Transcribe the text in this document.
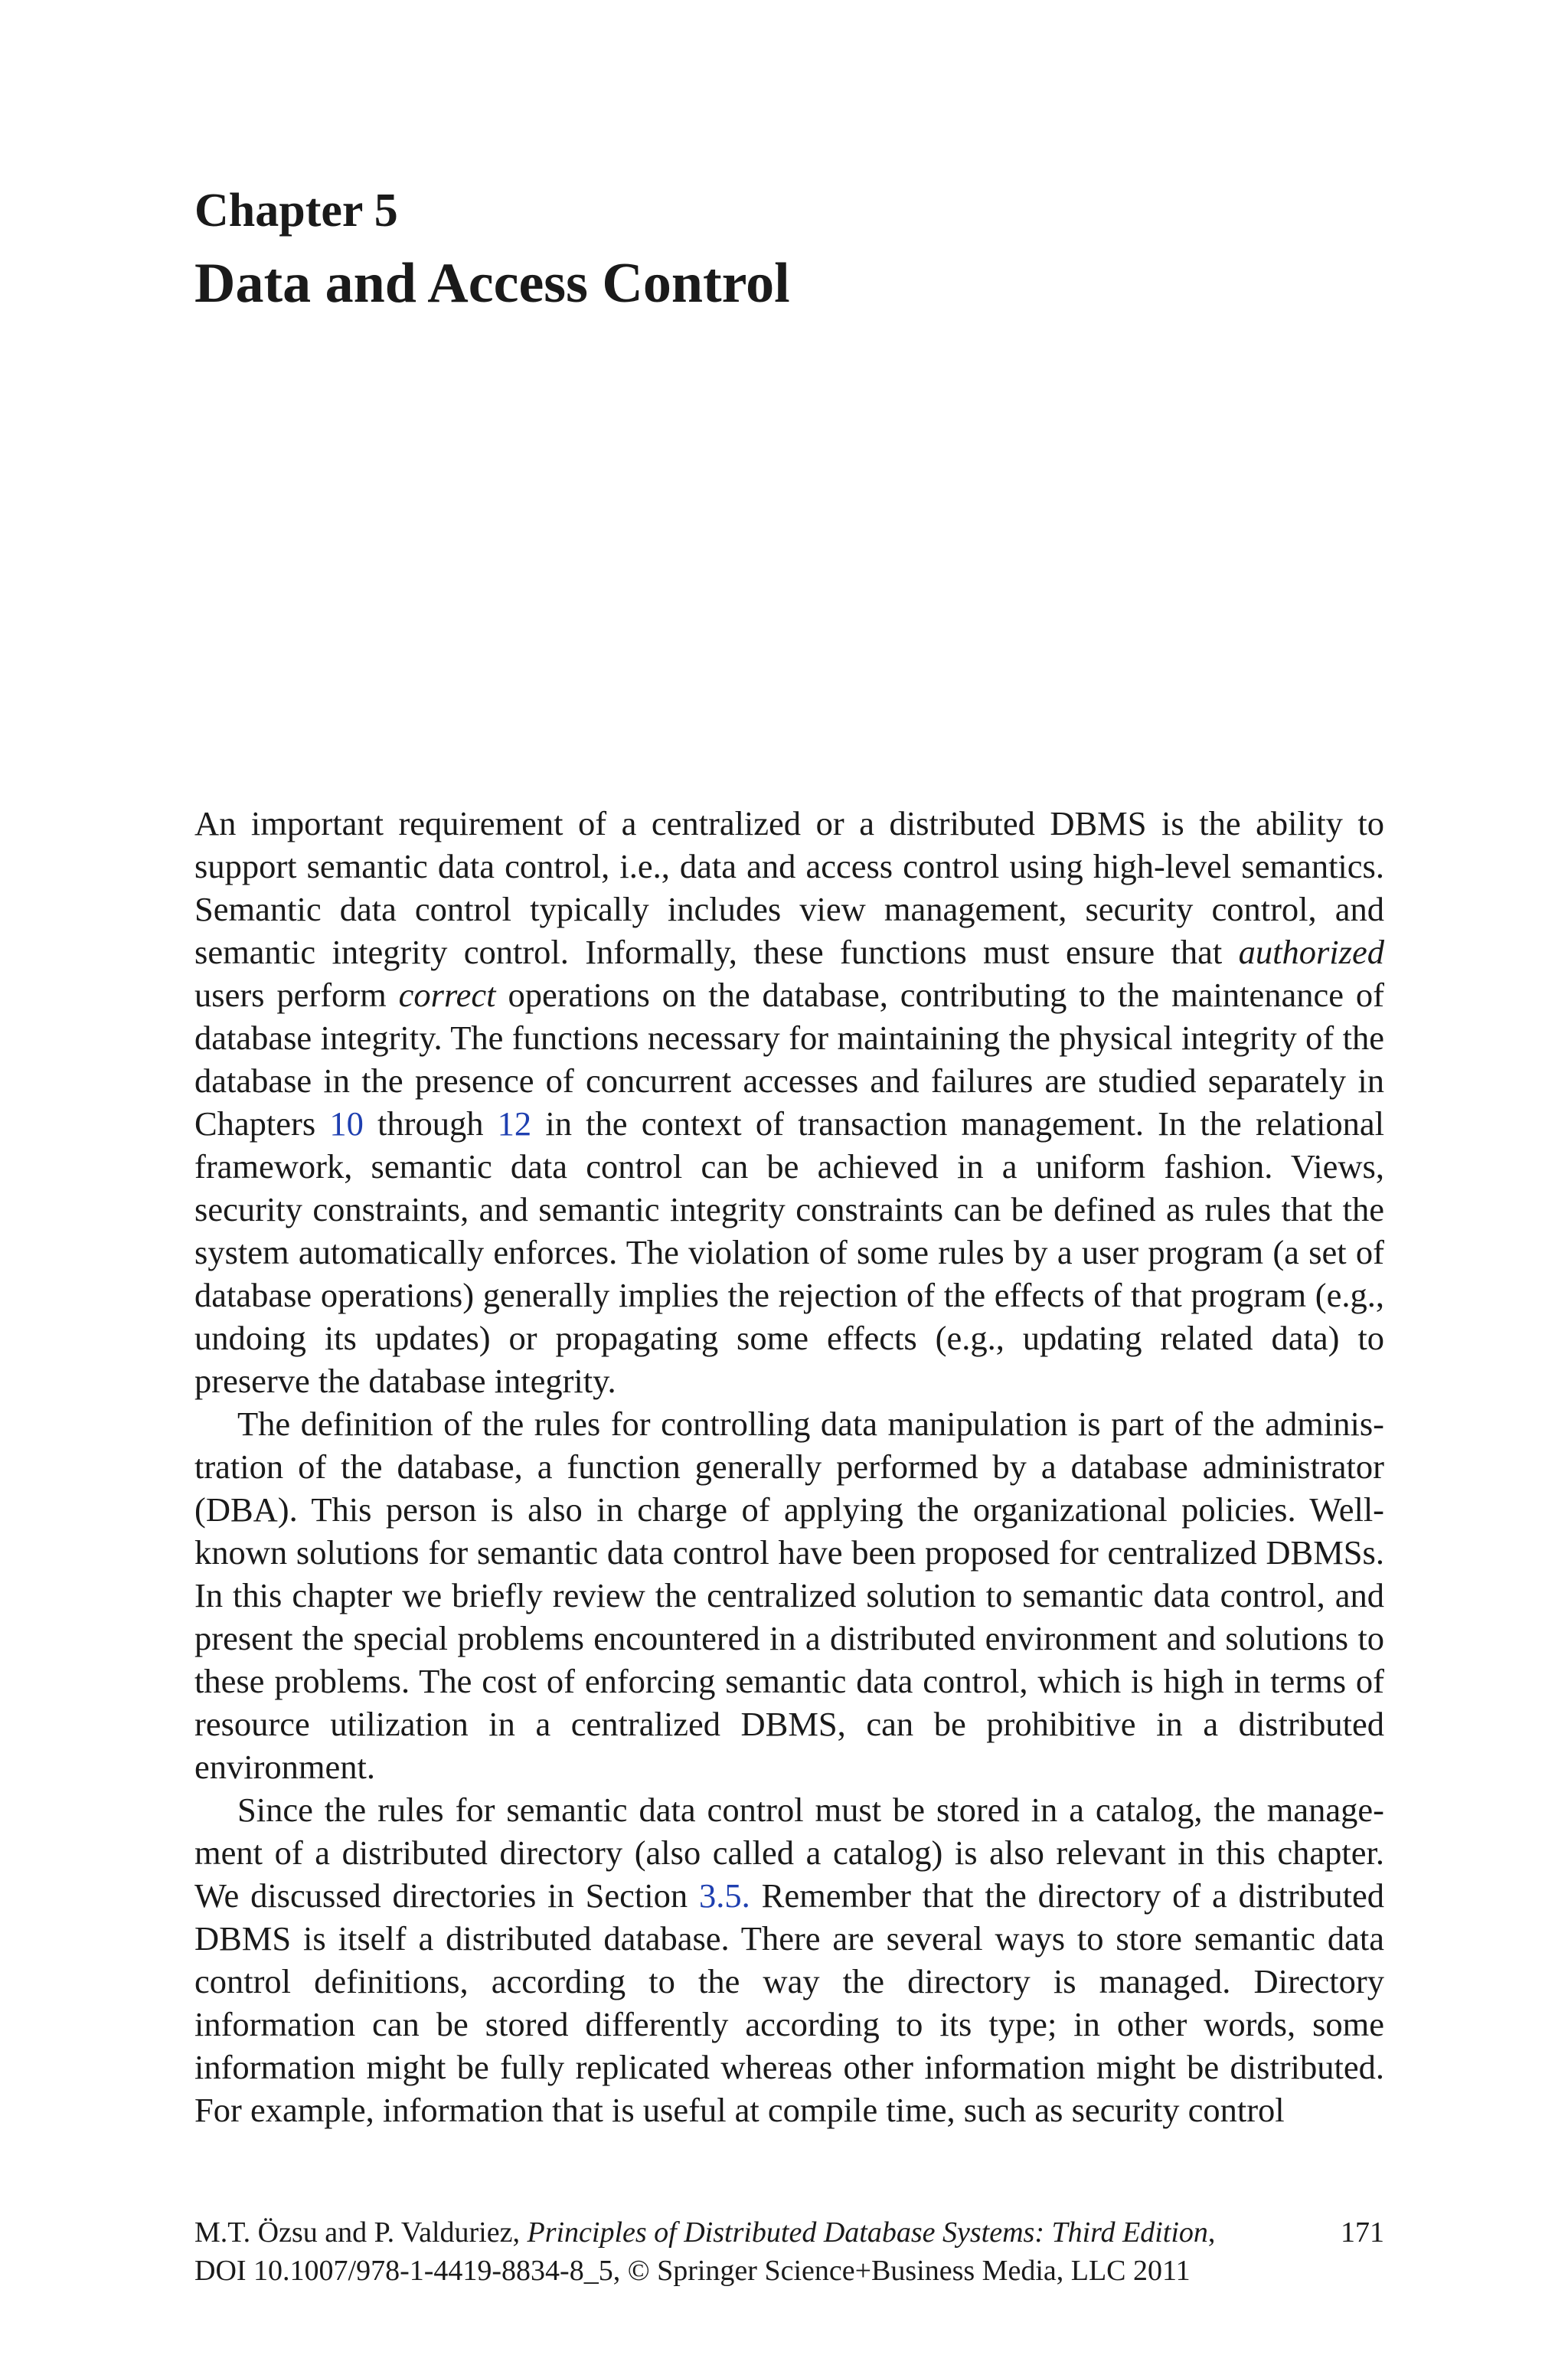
Chapter 5
Data and Access Control

An important requirement of a centralized or a distributed DBMS is the ability to support semantic data control, i.e., data and access control using high-level semantics. Semantic data control typically includes view management, security control, and semantic integrity control. Informally, these functions must ensure that authorized users perform correct operations on the database, contributing to the maintenance of database integrity. The functions necessary for maintaining the physical integrity of the database in the presence of concurrent accesses and failures are studied separately in Chapters 10 through 12 in the context of transaction management. In the relational framework, semantic data control can be achieved in a uniform fashion. Views, security constraints, and semantic integrity constraints can be defined as rules that the system automatically enforces. The violation of some rules by a user program (a set of database operations) generally implies the rejection of the effects of that program (e.g., undoing its updates) or propagating some effects (e.g., updating related data) to preserve the database integrity.

The definition of the rules for controlling data manipulation is part of the administration of the database, a function generally performed by a database administrator (DBA). This person is also in charge of applying the organizational policies. Well-known solutions for semantic data control have been proposed for centralized DBMSs. In this chapter we briefly review the centralized solution to semantic data control, and present the special problems encountered in a distributed environment and solutions to these problems. The cost of enforcing semantic data control, which is high in terms of resource utilization in a centralized DBMS, can be prohibitive in a distributed environment.

Since the rules for semantic data control must be stored in a catalog, the management of a distributed directory (also called a catalog) is also relevant in this chapter. We discussed directories in Section 3.5. Remember that the directory of a distributed DBMS is itself a distributed database. There are several ways to store semantic data control definitions, according to the way the directory is managed. Directory information can be stored differently according to its type; in other words, some information might be fully replicated whereas other information might be distributed. For example, information that is useful at compile time, such as security control

M.T. Özsu and P. Valduriez, Principles of Distributed Database Systems: Third Edition,
DOI 10.1007/978-1-4419-8834-8_5, © Springer Science+Business Media, LLC 2011
171
